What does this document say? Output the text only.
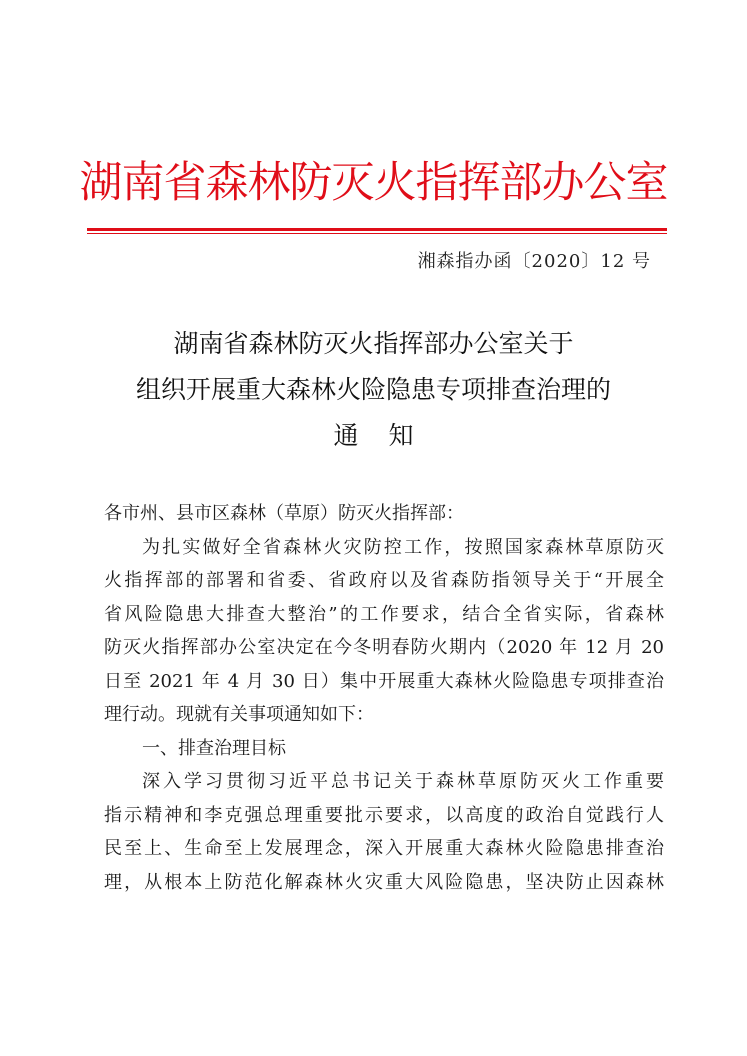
湖南省森林防灭火指挥部办公室
湘森指办函〔2020〕12 号
湖南省森林防灭火指挥部办公室关于
组织开展重大森林火险隐患专项排查治理的
通知
各市州、县市区森林（草原）防灭火指挥部：
为扎实做好全省森林火灾防控工作，按照国家森林草原防灭
火指挥部的部署和省委、省政府以及省森防指领导关于“开展全
省风险隐患大排查大整治”的工作要求，结合全省实际，省森林
防灭火指挥部办公室决定在今冬明春防火期内（2020 年 12 月 20
日至 2021 年 4 月 30 日）集中开展重大森林火险隐患专项排查治
理行动。现就有关事项通知如下：
一、排查治理目标
深入学习贯彻习近平总书记关于森林草原防灭火工作重要
指示精神和李克强总理重要批示要求，以高度的政治自觉践行人
民至上、生命至上发展理念，深入开展重大森林火险隐患排查治
理，从根本上防范化解森林火灾重大风险隐患，坚决防止因森林
